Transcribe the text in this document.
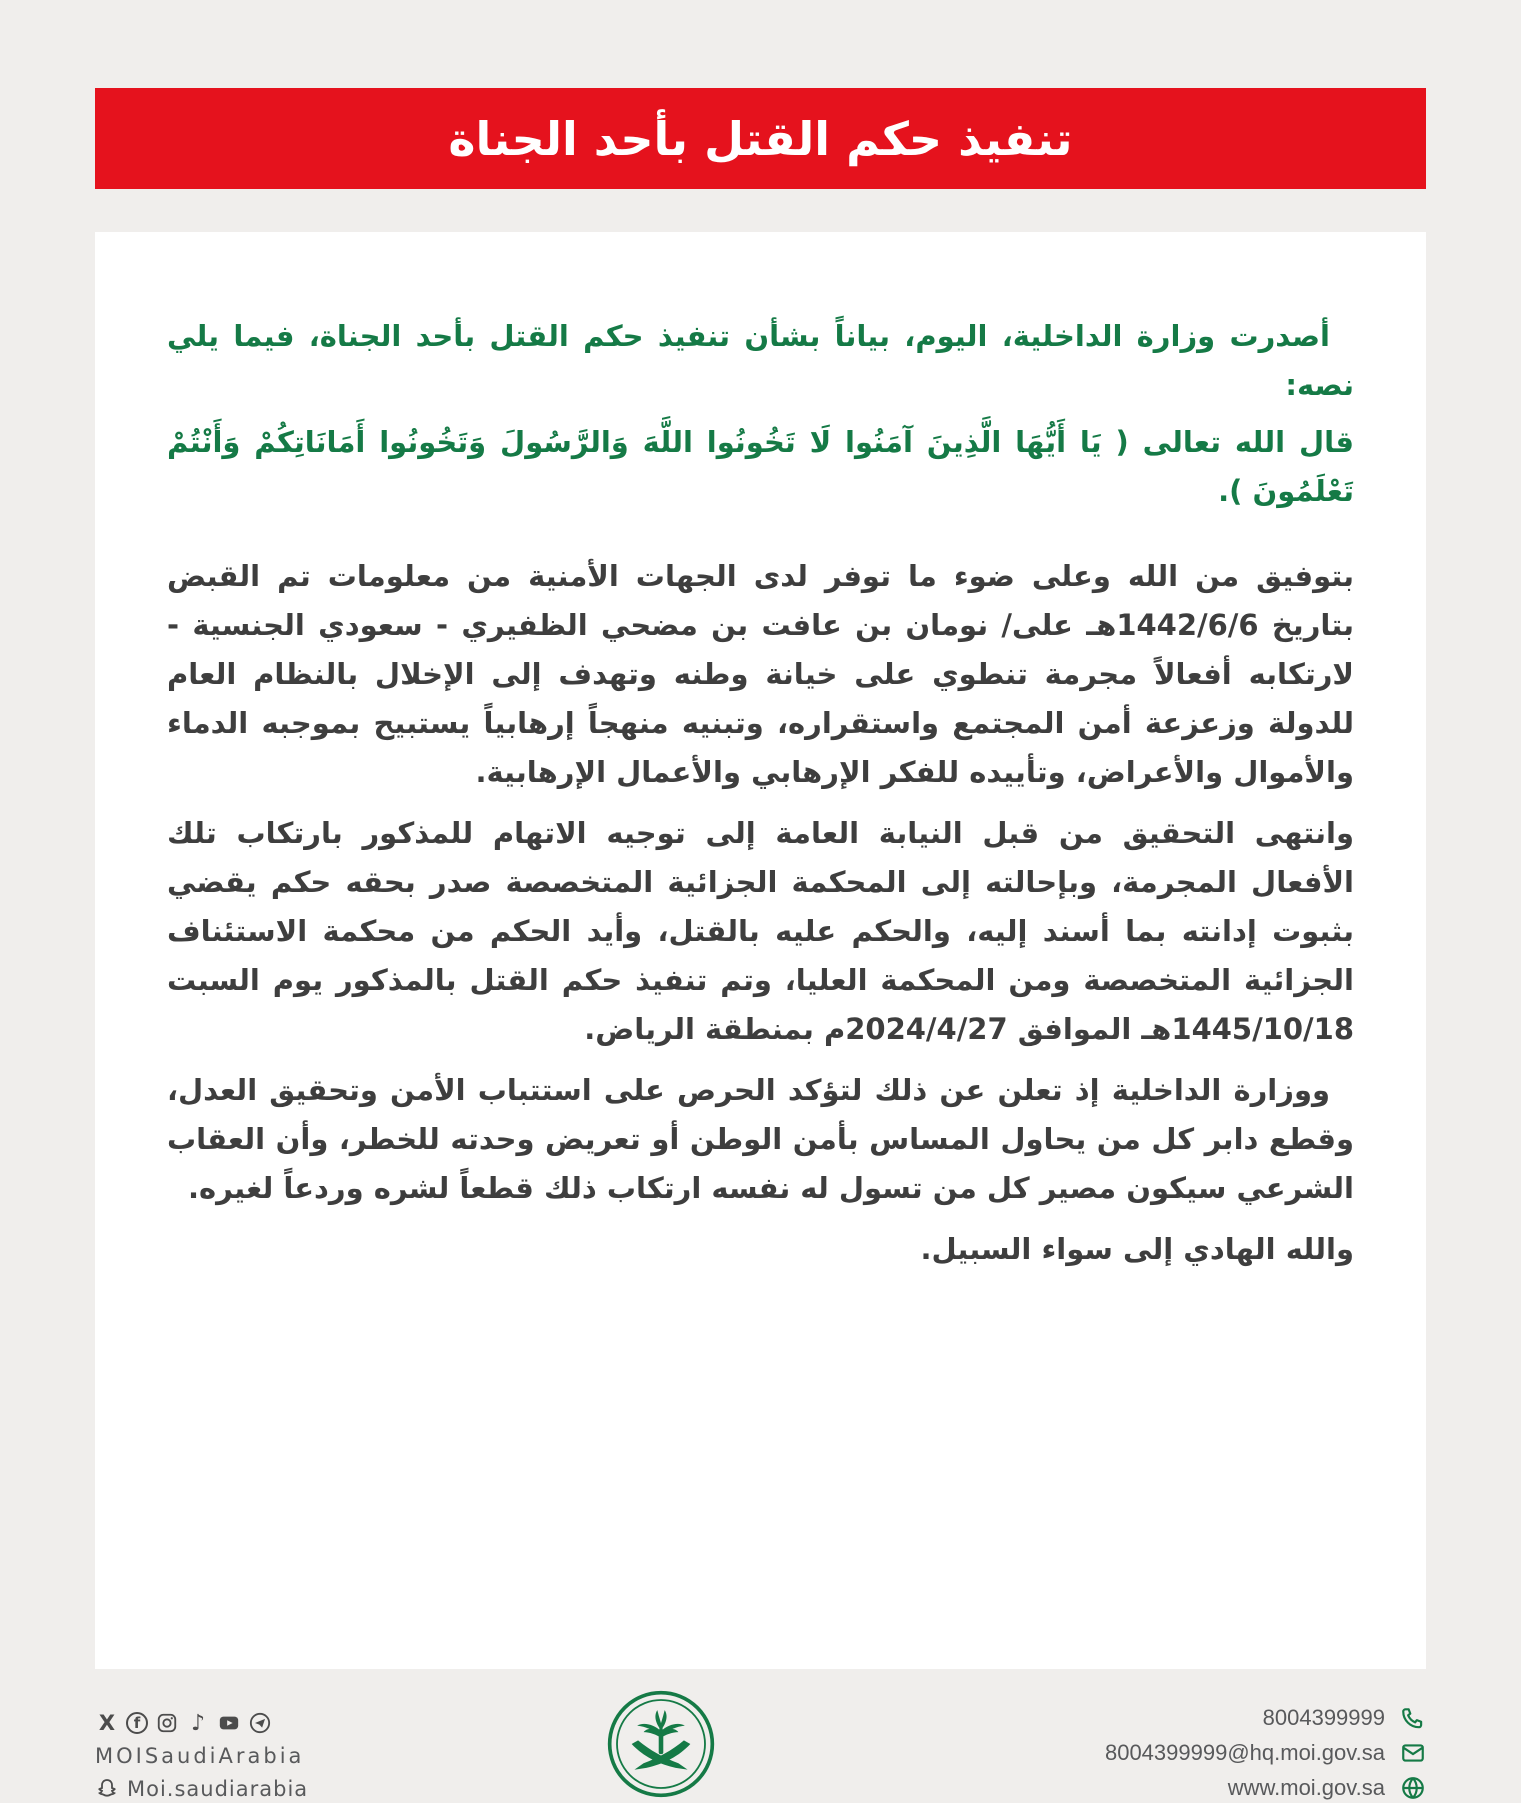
تنفيذ حكم القتل بأحد الجناة

أصدرت وزارة الداخلية، اليوم، بياناً بشأن تنفيذ حكم القتل بأحد الجناة، فيما يلي نصه:

قال الله تعالى ( يَا أَيُّهَا الَّذِينَ آمَنُوا لَا تَخُونُوا اللَّهَ وَالرَّسُولَ وَتَخُونُوا أَمَانَاتِكُمْ وَأَنْتُمْ تَعْلَمُونَ ).

بتوفيق من الله وعلى ضوء ما توفر لدى الجهات الأمنية من معلومات تم القبض بتاريخ 1442/6/6هـ على/ نومان بن عافت بن مضحي الظفيري - سعودي الجنسية - لارتكابه أفعالاً مجرمة تنطوي على خيانة وطنه وتهدف إلى الإخلال بالنظام العام للدولة وزعزعة أمن المجتمع واستقراره، وتبنيه منهجاً إرهابياً يستبيح بموجبه الدماء والأموال والأعراض، وتأييده للفكر الإرهابي والأعمال الإرهابية.

وانتهى التحقيق من قبل النيابة العامة إلى توجيه الاتهام للمذكور بارتكاب تلك الأفعال المجرمة، وبإحالته إلى المحكمة الجزائية المتخصصة صدر بحقه حكم يقضي بثبوت إدانته بما أسند إليه، والحكم عليه بالقتل، وأيد الحكم من محكمة الاستئناف الجزائية المتخصصة ومن المحكمة العليا، وتم تنفيذ حكم القتل بالمذكور يوم السبت 1445/10/18هـ الموافق 2024/4/27م بمنطقة الرياض.

ووزارة الداخلية إذ تعلن عن ذلك لتؤكد الحرص على استتباب الأمن وتحقيق العدل، وقطع دابر كل من يحاول المساس بأمن الوطن أو تعريض وحدته للخطر، وأن العقاب الشرعي سيكون مصير كل من تسول له نفسه ارتكاب ذلك قطعاً لشره وردعاً لغيره.

والله الهادي إلى سواء السبيل.

X	f	♪
MOISaudiArabia
Moi.saudiarabia
8004399999
8004399999@hq.moi.gov.sa
www.moi.gov.sa
